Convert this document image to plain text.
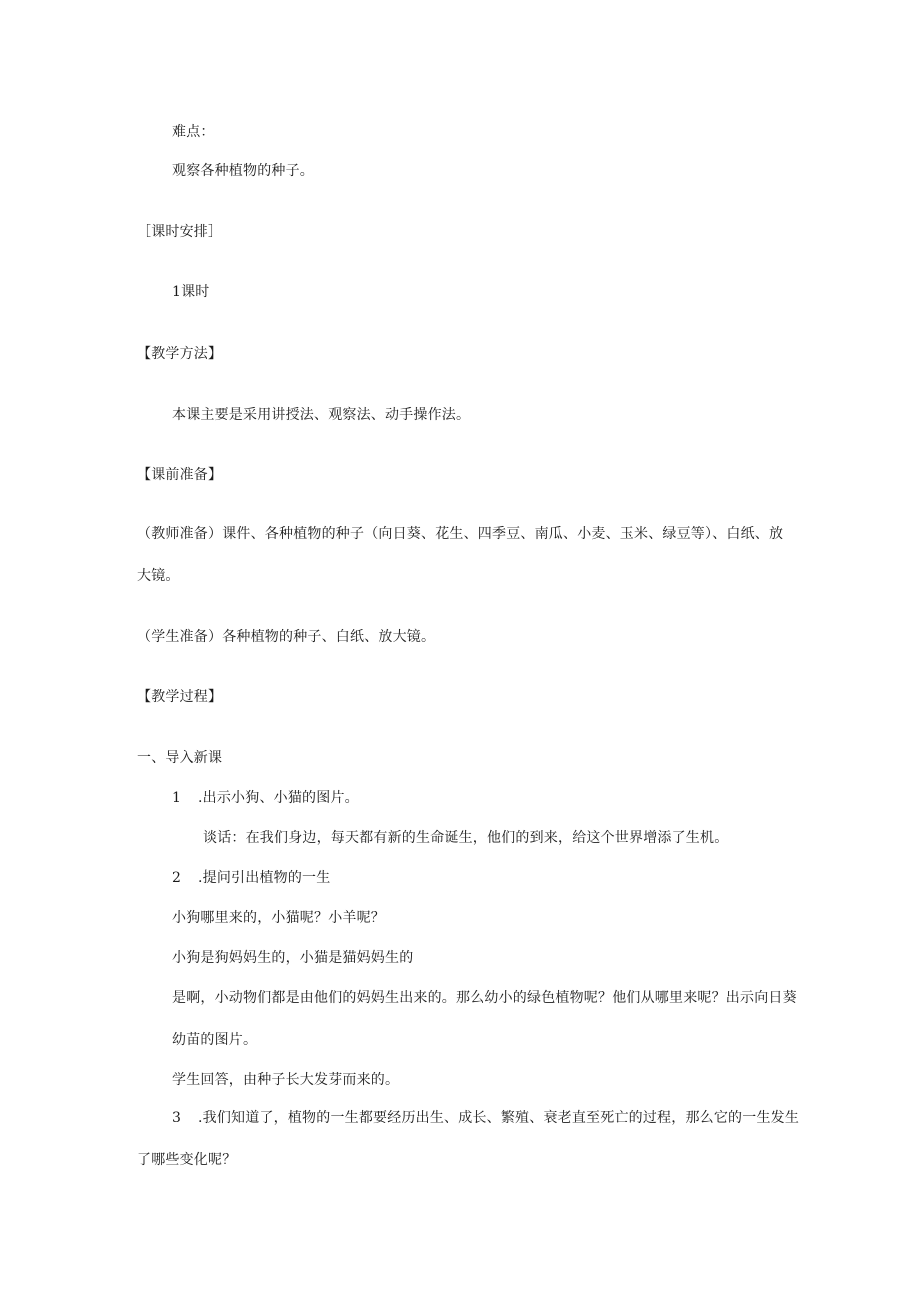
难点：
观察各种植物的种子。
［课时安排］
1课时
【教学方法】
本课主要是采用讲授法、观察法、动手操作法。
【课前准备】
（教师准备）课件、各种植物的种子（向日葵、花生、四季豆、南瓜、小麦、玉米、绿豆等）、白纸、放
大镜。
（学生准备）各种植物的种子、白纸、放大镜。
【教学过程】
一、导入新课
1 .出示小狗、小猫的图片。
谈话：在我们身边，每天都有新的生命诞生，他们的到来，给这个世界增添了生机。
2 .提问引出植物的一生
小狗哪里来的，小猫呢？小羊呢？
小狗是狗妈妈生的，小猫是猫妈妈生的
是啊，小动物们都是由他们的妈妈生出来的。那么幼小的绿色植物呢？他们从哪里来呢？出示向日葵
幼苗的图片。
学生回答，由种子长大发芽而来的。
3 .我们知道了，植物的一生都要经历出生、成长、繁殖、衰老直至死亡的过程，那么它的一生发生
了哪些变化呢？
